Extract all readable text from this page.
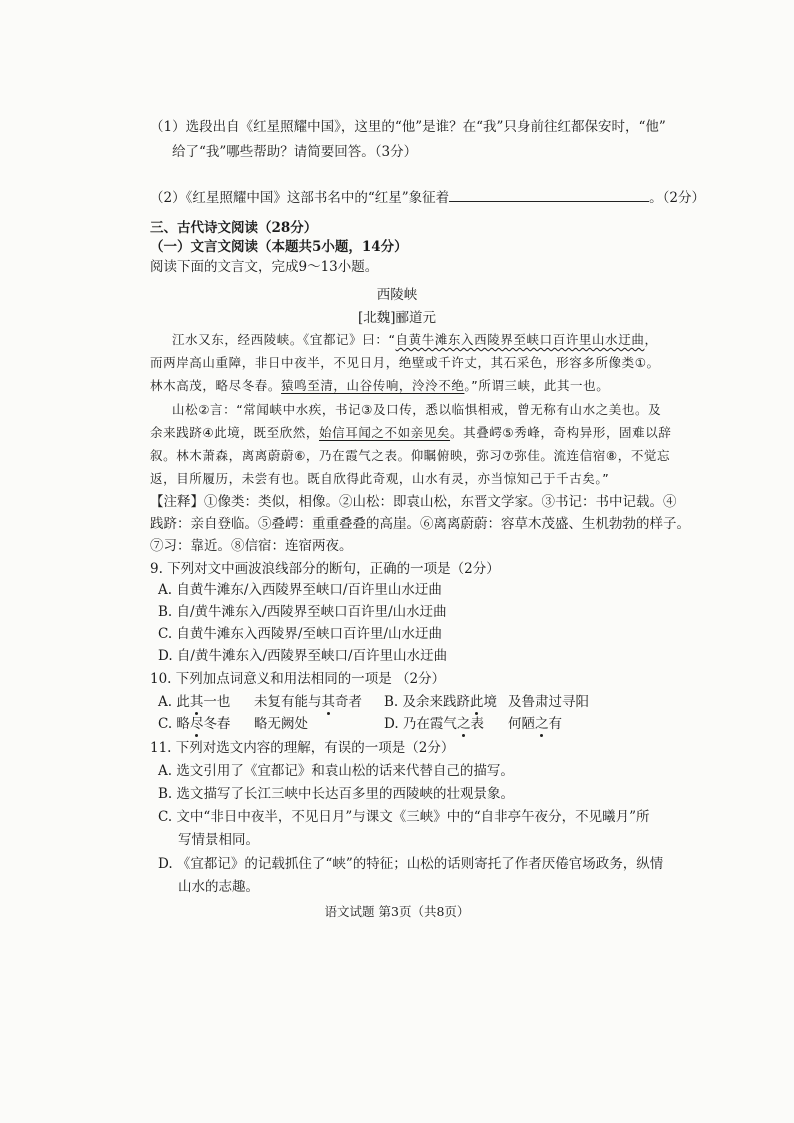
（1）选段出自《红星照耀中国》，这里的“他”是谁？在“我”只身前往红都保安时，“他”
给了“我”哪些帮助？请简要回答。（3分）
（2）《红星照耀中国》这部书名中的“红星”象征着	。（2分）
三、古代诗文阅读（28分）
（一）文言文阅读（本题共5小题，14分）
阅读下面的文言文，完成9～13小题。
西陵峡
[北魏]郦道元
江水又东，经西陵峡。《宜都记》曰：“自黄牛滩东入西陵界至峡口百许里山水迂曲，
而两岸高山重障，非日中夜半，不见日月，绝壁或千许丈，其石采色，形容多所像类①。
林木高茂，略尽冬春。猿鸣至清，山谷传响，泠泠不绝。”所谓三峡，此其一也。
山松②言：“常闻峡中水疾，书记③及口传，悉以临惧相戒，曾无称有山水之美也。及
余来践跻④此境，既至欣然，始信耳闻之不如亲见矣。其叠崿⑤秀峰，奇构异形，固难以辞
叙。林木萧森，离离蔚蔚⑥，乃在霞气之表。仰瞩俯映，弥习⑦弥佳。流连信宿⑧，不觉忘
返，目所履历，未尝有也。既自欣得此奇观，山水有灵，亦当惊知己于千古矣。”
【注释】①像类：类似，相像。②山松：即袁山松，东晋文学家。③书记：书中记载。④
践跻：亲自登临。⑤叠崿：重重叠叠的高崖。⑥离离蔚蔚：容草木茂盛、生机勃勃的样子。
⑦习：靠近。⑧信宿：连宿两夜。
9. 下列对文中画波浪线部分的断句，正确的一项是（2分）
A. 自黄牛滩东/入西陵界至峡口/百许里山水迂曲
B. 自/黄牛滩东入/西陵界至峡口百许里/山水迂曲
C. 自黄牛滩东入西陵界/至峡口百许里/山水迂曲
D. 自/黄牛滩东入/西陵界至峡口/百许里山水迂曲
10. 下列加点词意义和用法相同的一项是 （2分）
A. 此其一也 未复有能与其奇者 B. 及余来践跻此境 及鲁肃过寻阳
C. 略尽冬春 略无阙处	D. 乃在霞气之表 何陋之有
11. 下列对选文内容的理解，有误的一项是（2分）
A. 选文引用了《宜都记》和袁山松的话来代替自己的描写。
B. 选文描写了长江三峡中长达百多里的西陵峡的壮观景象。
C. 文中“非日中夜半，不见日月”与课文《三峡》中的“自非亭午夜分，不见曦月”所
写情景相同。
D. 《宜都记》的记载抓住了“峡”的特征；山松的话则寄托了作者厌倦官场政务，纵情
山水的志趣。
语文试题 第3页（共8页）
